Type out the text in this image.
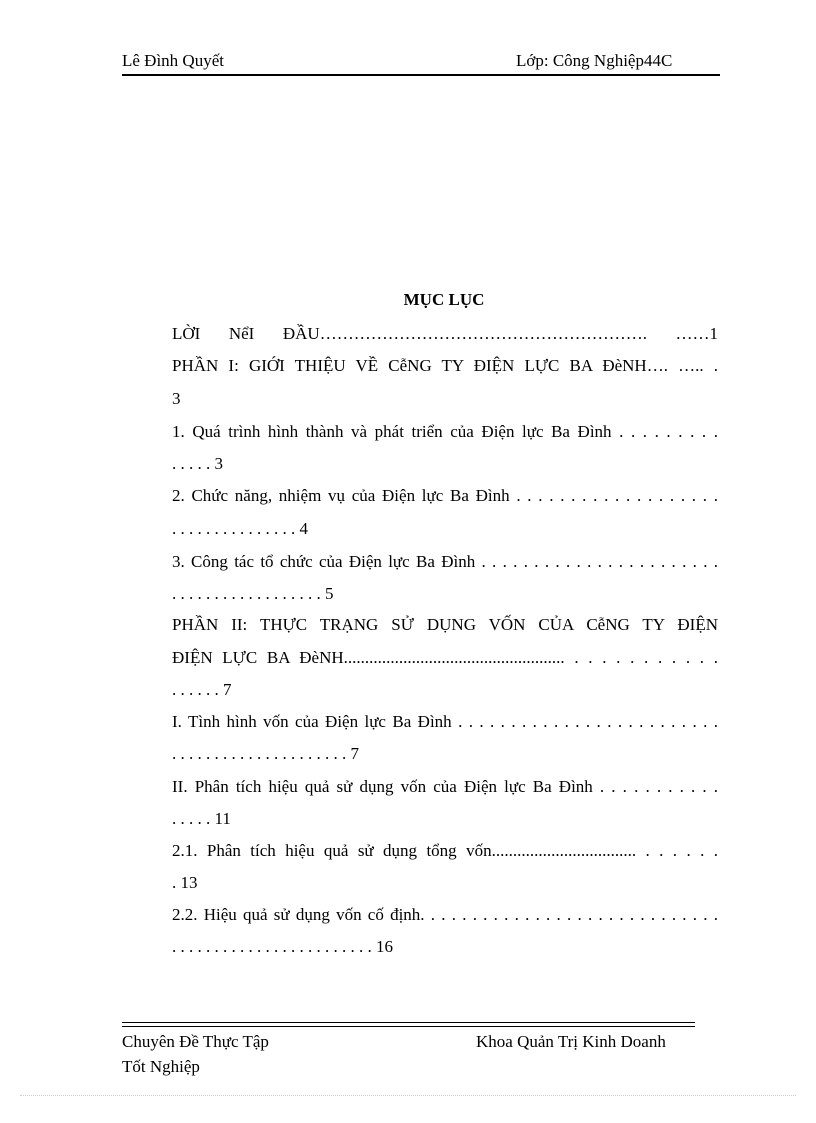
Lê Đình Quyết	Lớp: Công Nghiệp44C
MỤC LỤC
LỜI NểI ĐẦU…………………………………………………. ……1
PHẦN I: GIỚI THIỆU VỀ CễNG TY ĐIỆN LỰC BA ĐèNH…. ….. .
3
1. Quá trình hình thành và phát triển của Điện lực Ba Đình . . . . . . . . .
. . . . . 3
2. Chức năng, nhiệm vụ của Điện lực Ba Đình . . . . . . . . . . . . . . . . . . .
. . . . . . . . . . . . . . . 4
3. Công tác tổ chức của Điện lực Ba Đình . . . . . . . . . . . . . . . . . . . . . . .
. . . . . . . . . . . . . . . . . . 5
PHẦN II: THỰC TRẠNG SỬ DỤNG VỐN CỦA CễNG TY ĐIỆN
ĐIỆN LỰC BA ĐèNH.................................................... . . . . . . . . . . .
. . . . . . 7
I. Tình hình vốn của Điện lực Ba Đình . . . . . . . . . . . . . . . . . . . . . . . . .
. . . . . . . . . . . . . . . . . . . . . 7
II. Phân tích hiệu quả sử dụng vốn của Điện lực Ba Đình . . . . . . . . . . .
. . . . . 11
2.1. Phân tích hiệu quả sử dụng tổng vốn.................................. . . . . . .
. 13
2.2. Hiệu quả sử dụng vốn cố định. . . . . . . . . . . . . . . . . . . . . . . . . . . . .
. . . . . . . . . . . . . . . . . . . . . . . . 16
Chuyên Đề Thực Tập
Tốt Nghiệp
Khoa Quản Trị Kinh Doanh
